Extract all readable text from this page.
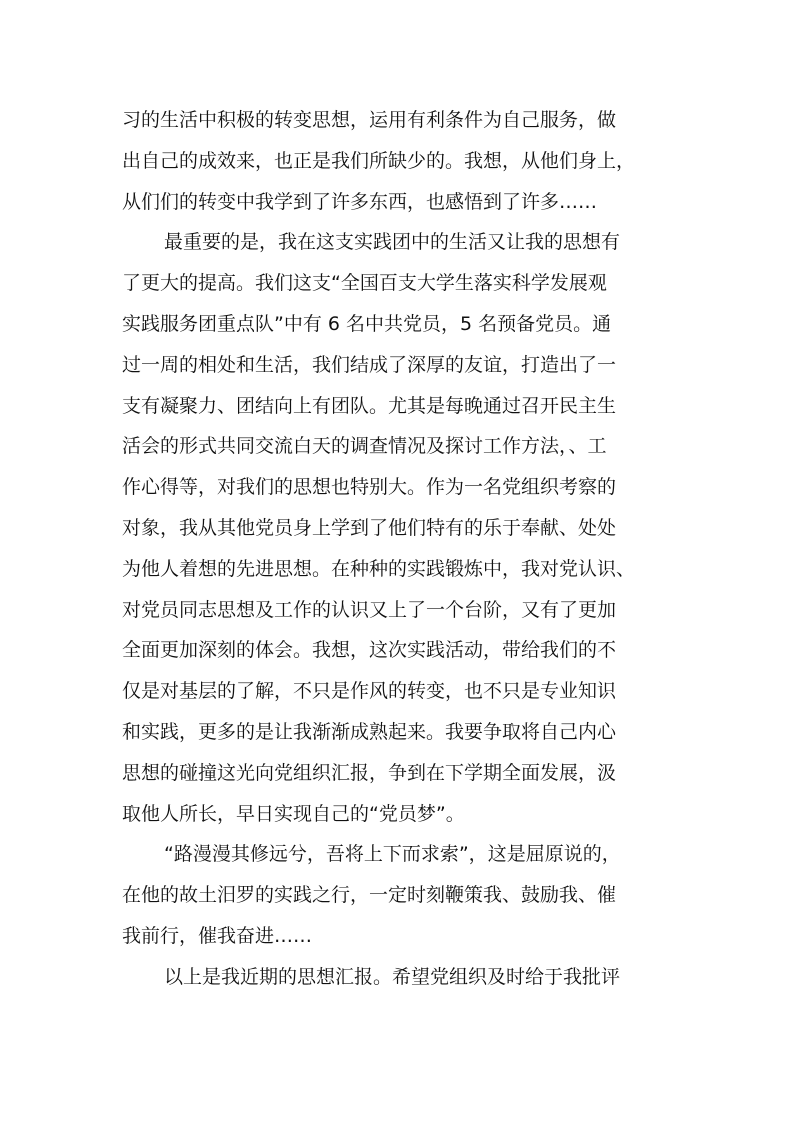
习的生活中积极的转变思想，运用有利条件为自己服务，做
出自己的成效来，也正是我们所缺少的。我想，从他们身上，
从们们的转变中我学到了许多东西，也感悟到了许多……
最重要的是，我在这支实践团中的生活又让我的思想有
了更大的提高。我们这支“全国百支大学生落实科学发展观
实践服务团重点队”中有 6 名中共党员，5 名预备党员。通
过一周的相处和生活，我们结成了深厚的友谊，打造出了一
支有凝聚力、团结向上有团队。尤其是每晚通过召开民主生
活会的形式共同交流白天的调查情况及探讨工作方法，、工
作心得等，对我们的思想也特别大。作为一名党组织考察的
对象，我从其他党员身上学到了他们特有的乐于奉献、处处
为他人着想的先进思想。在种种的实践锻炼中，我对党认识、
对党员同志思想及工作的认识又上了一个台阶，又有了更加
全面更加深刻的体会。我想，这次实践活动，带给我们的不
仅是对基层的了解，不只是作风的转变，也不只是专业知识
和实践，更多的是让我渐渐成熟起来。我要争取将自己内心
思想的碰撞这光向党组织汇报，争到在下学期全面发展，汲
取他人所长，早日实现自己的“党员梦”。
“路漫漫其修远兮，吾将上下而求索”，这是屈原说的，
在他的故土汨罗的实践之行，一定时刻鞭策我、鼓励我、催
我前行，催我奋进……
以上是我近期的思想汇报。希望党组织及时给于我批评
